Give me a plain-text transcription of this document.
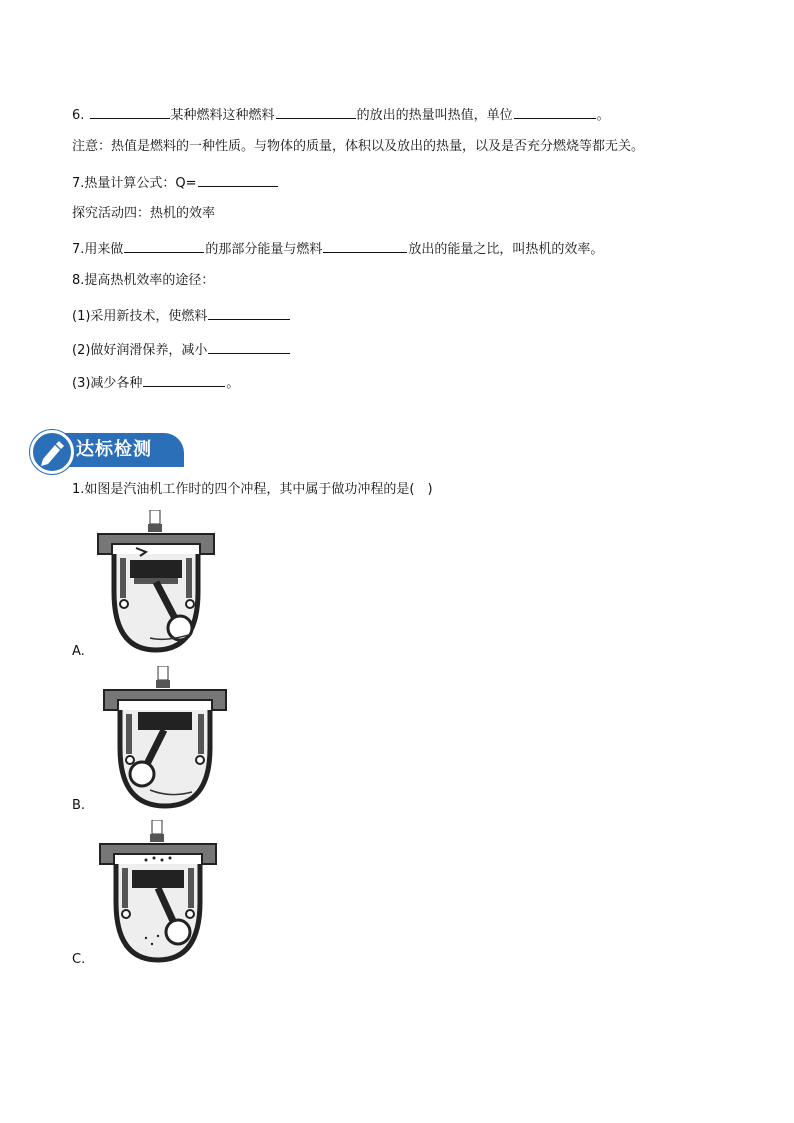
6.	某种燃料这种燃料	的放出的热量叫热值，单位	。
注意：热值是燃料的一种性质。与物体的质量，体积以及放出的热量，以及是否充分燃烧等都无关。
7.热量计算公式：Q=
探究活动四：热机的效率
7.用来做	的那部分能量与燃料	放出的能量之比，叫热机的效率。
8.提高热机效率的途径：
(1)采用新技术，使燃料
(2)做好润滑保养，减小
(3)减少各种	。
达标检测
1.如图是汽油机工作时的四个冲程，其中属于做功冲程的是(　)
A.
B.
C.
